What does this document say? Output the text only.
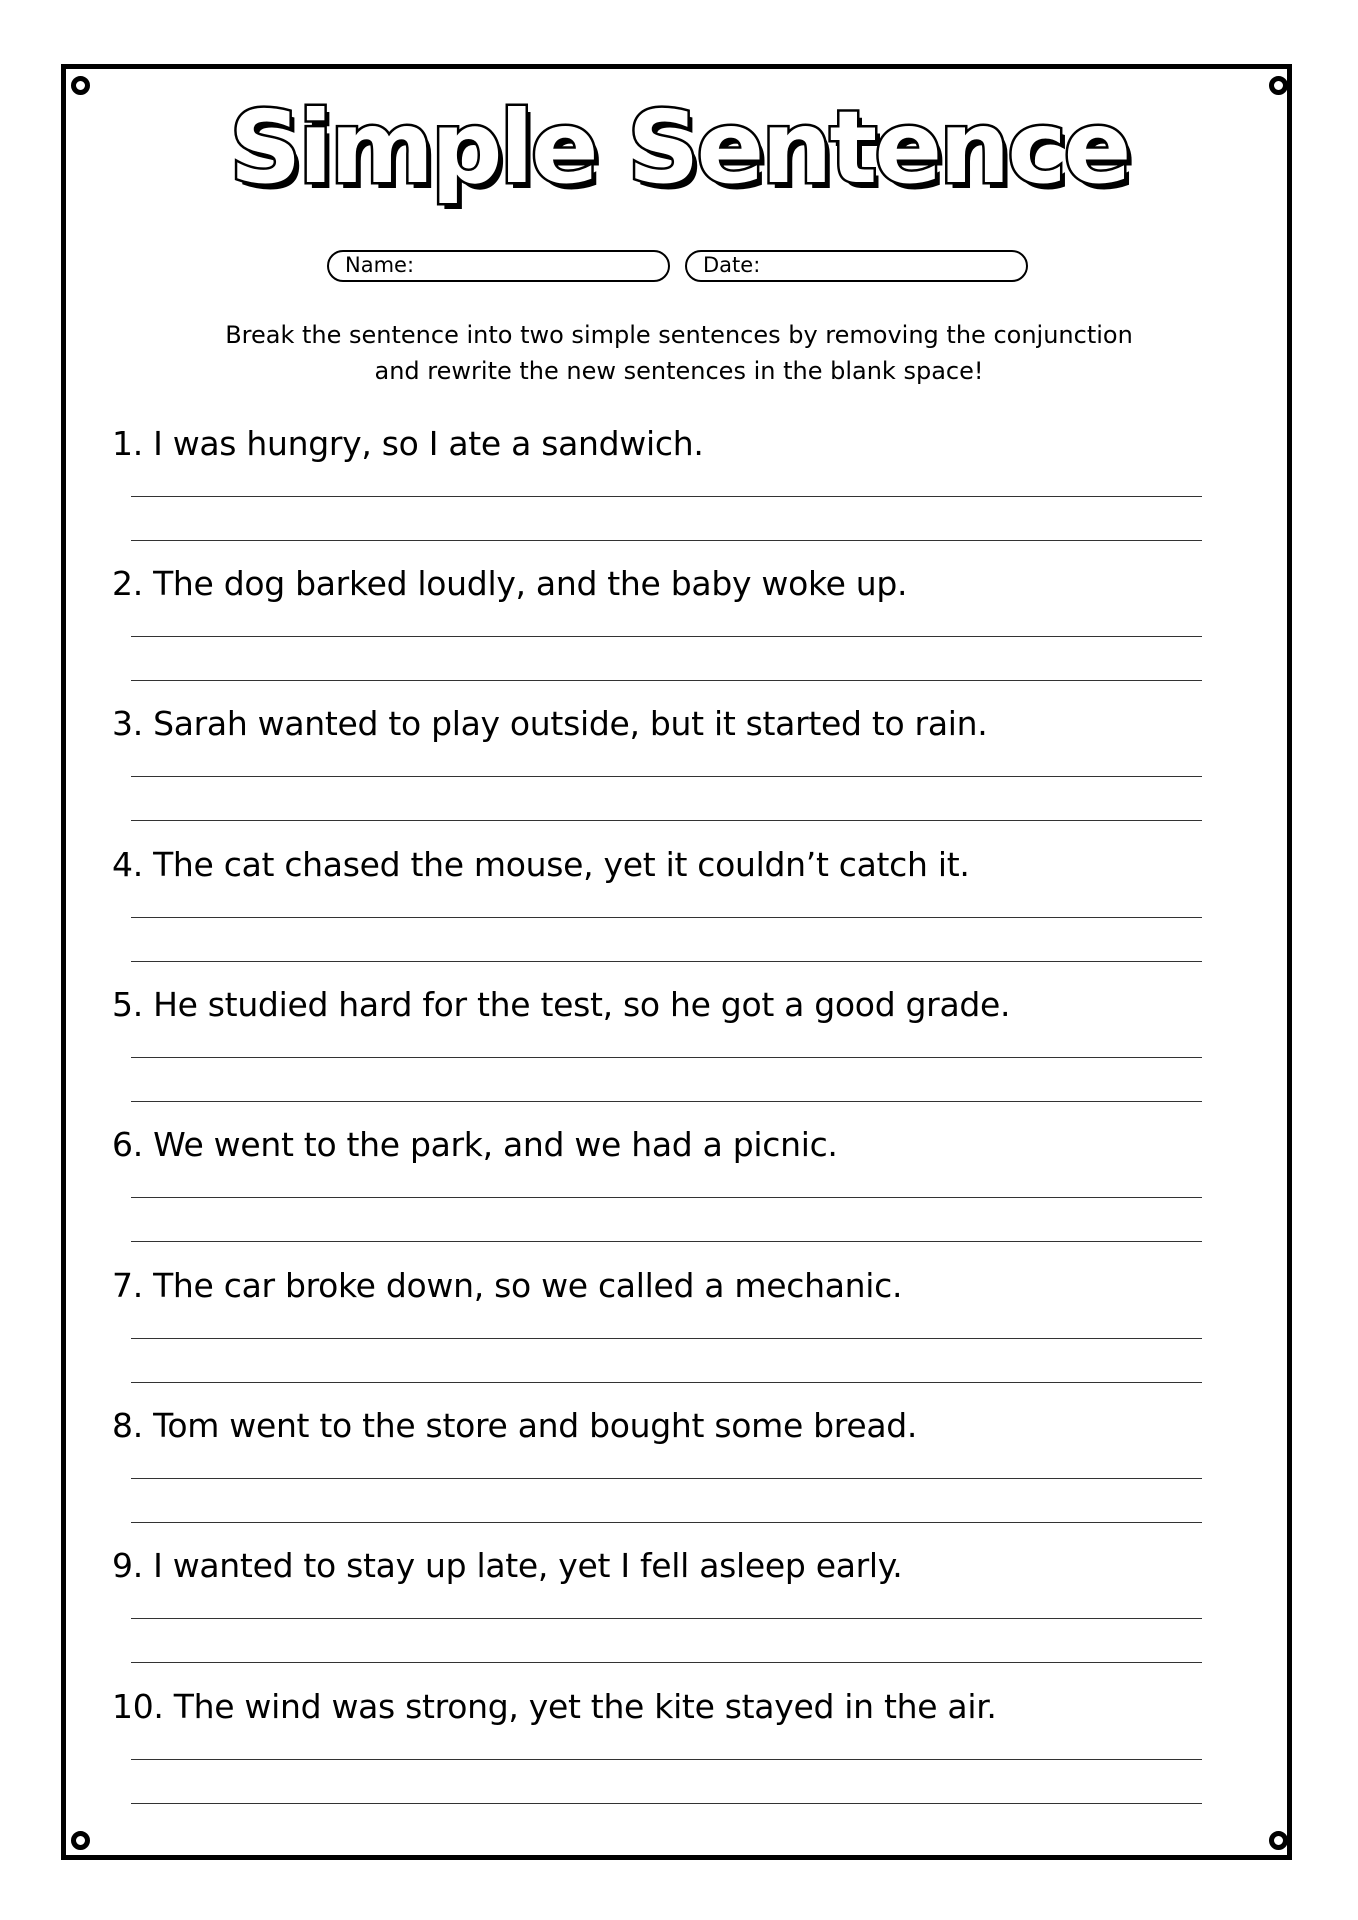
Simple Sentence
Name:	Date:
Break the sentence into two simple sentences by removing the conjunction
and rewrite the new sentences in the blank space!
1. I was hungry, so I ate a sandwich.
2. The dog barked loudly, and the baby woke up.
3. Sarah wanted to play outside, but it started to rain.
4. The cat chased the mouse, yet it couldn’t catch it.
5. He studied hard for the test, so he got a good grade.
6. We went to the park, and we had a picnic.
7. The car broke down, so we called a mechanic.
8. Tom went to the store and bought some bread.
9. I wanted to stay up late, yet I fell asleep early.
10. The wind was strong, yet the kite stayed in the air.
